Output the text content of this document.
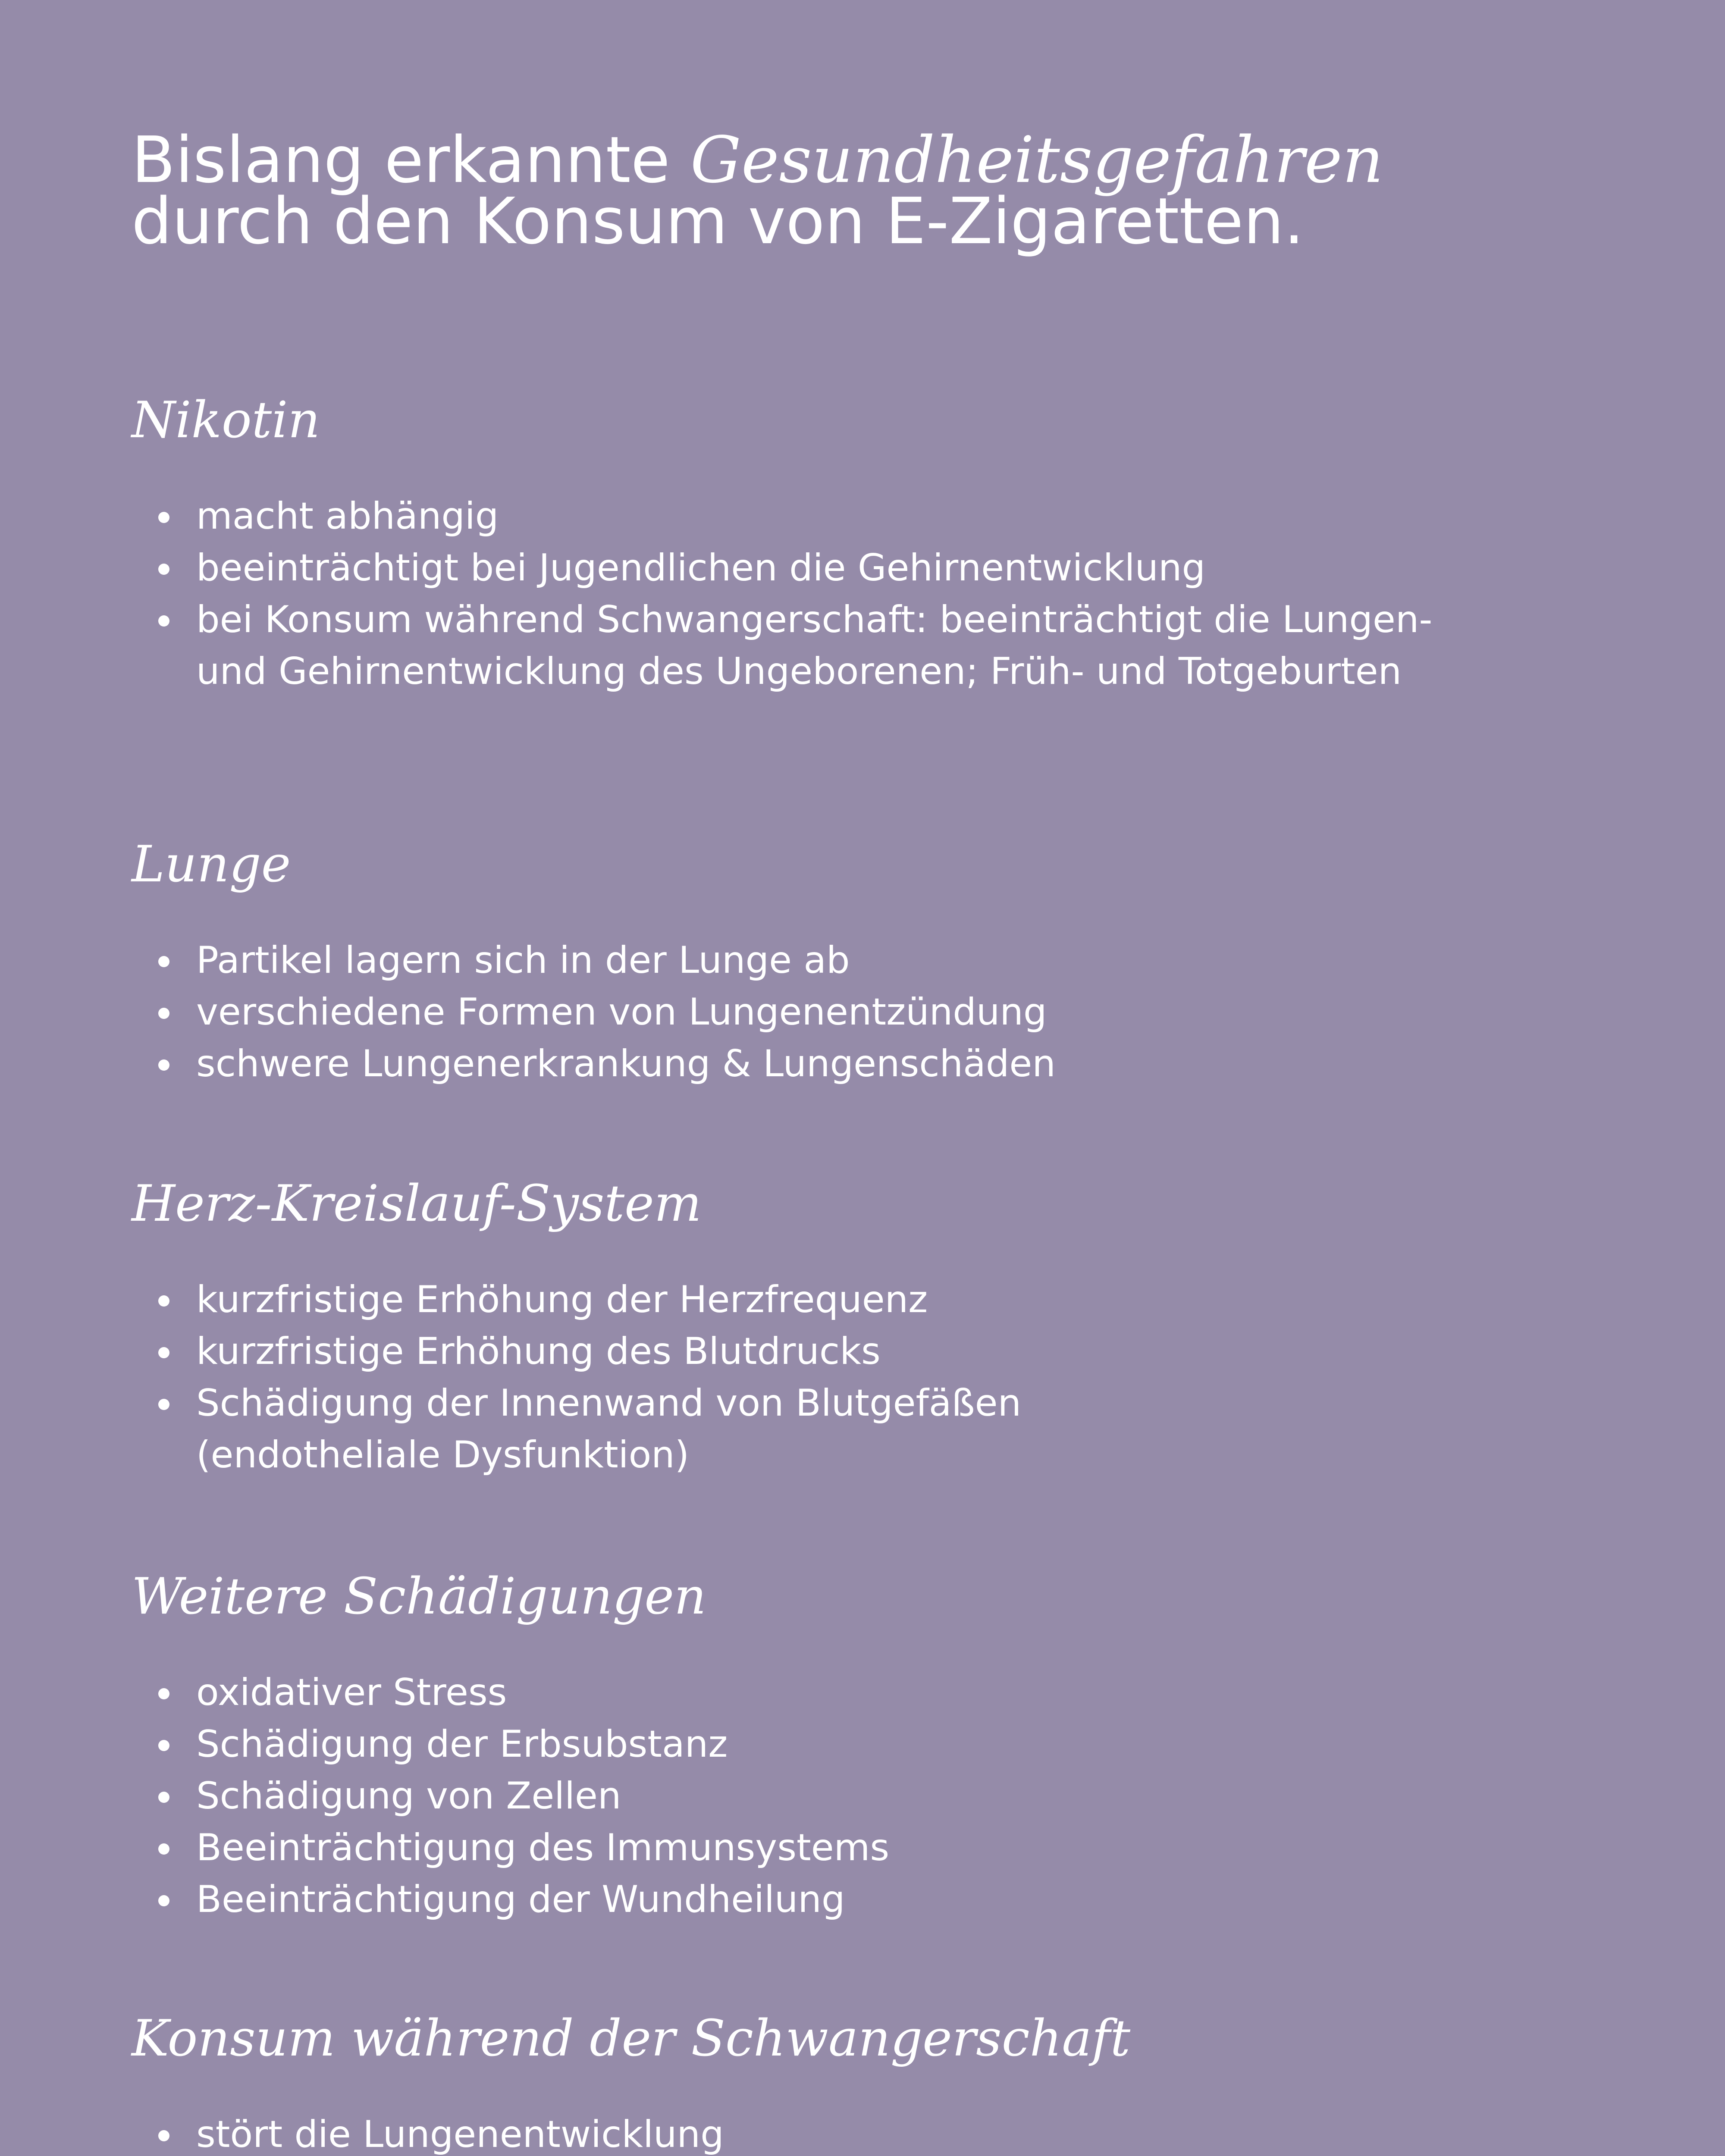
Bislang erkannte Gesundheitsgefahren
durch den Konsum von E-Zigaretten.
Nikotin
macht abhängig
beeinträchtigt bei Jugendlichen die Gehirnentwicklung
bei Konsum während Schwangerschaft: beeinträchtigt die Lungen- und Gehirnentwicklung des Ungeborenen; Früh- und Totgeburten
Lunge
Partikel lagern sich in der Lunge ab
verschiedene Formen von Lungenentzündung
schwere Lungenerkrankung & Lungenschäden
Herz-Kreislauf-System
kurzfristige Erhöhung der Herzfrequenz
kurzfristige Erhöhung des Blutdrucks
Schädigung der Innenwand von Blutgefäßen (endotheliale Dysfunktion)
Weitere Schädigungen
oxidativer Stress
Schädigung der Erbsubstanz
Schädigung von Zellen
Beeinträchtigung des Immunsystems
Beeinträchtigung der Wundheilung
Konsum während der Schwangerschaft
stört die Lungenentwicklung
